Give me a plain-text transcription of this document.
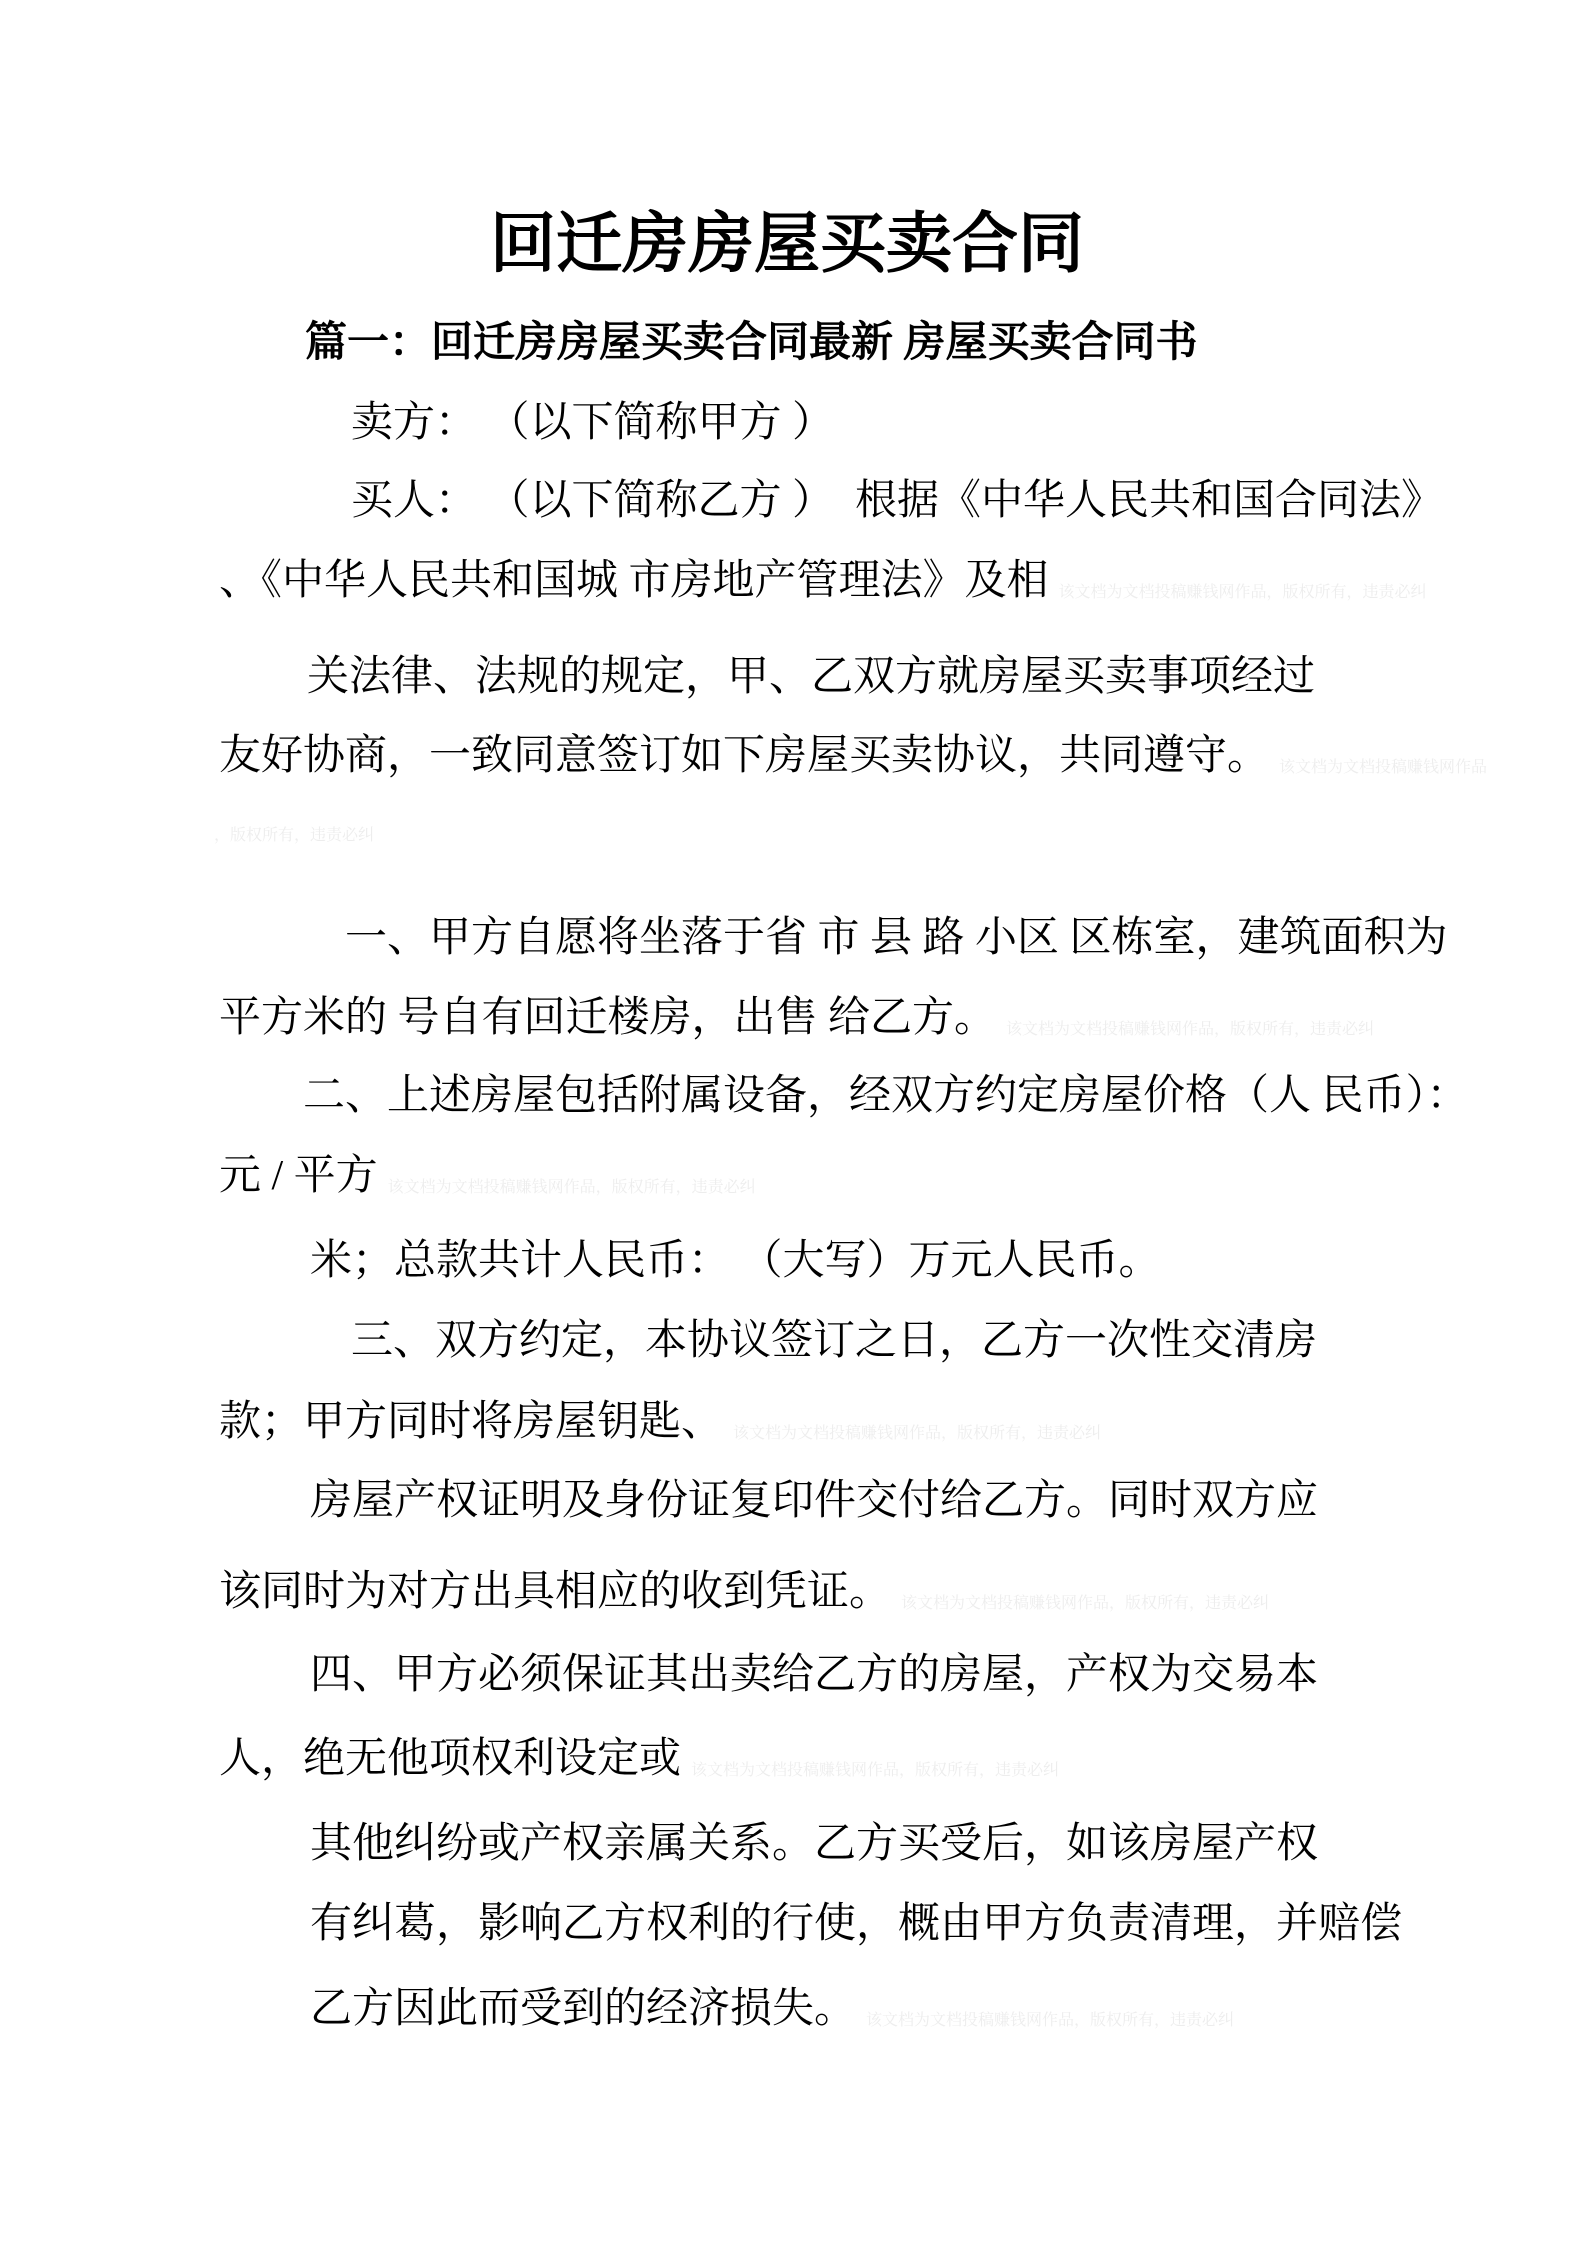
回迁房房屋买卖合同
篇一：回迁房房屋买卖合同最新 房屋买卖合同书
卖方： （以下简称甲方 ）
买人： （以下简称乙方 ）  根据《中华人民共和国合同法》
、《中华人民共和国城 市房地产管理法》及相 该文档为文档投稿赚钱网作品，版权所有，违责必纠
关法律、法规的规定，甲、乙双方就房屋买卖事项经过
友好协商，一致同意签订如下房屋买卖协议，共同遵守。 该文档为文档投稿赚钱网作品
，版权所有，违责必纠
一、甲方自愿将坐落于省 市 县 路 小区 区栋室，建筑面积为
平方米的 号自有回迁楼房，出售 给乙方。 该文档为文档投稿赚钱网作品，版权所有，违责必纠
二、上述房屋包括附属设备，经双方约定房屋价格（人 民币）：
元 / 平方 该文档为文档投稿赚钱网作品，版权所有，违责必纠
米；总款共计人民币： （大写）万元人民币。
三、双方约定，本协议签订之日，乙方一次性交清房
款；甲方同时将房屋钥匙、 该文档为文档投稿赚钱网作品，版权所有，违责必纠
房屋产权证明及身份证复印件交付给乙方。同时双方应
该同时为对方出具相应的收到凭证。 该文档为文档投稿赚钱网作品，版权所有，违责必纠
四、甲方必须保证其出卖给乙方的房屋，产权为交易本
人，绝无他项权利设定或 该文档为文档投稿赚钱网作品，版权所有，违责必纠
其他纠纷或产权亲属关系。乙方买受后，如该房屋产权
有纠葛，影响乙方权利的行使，概由甲方负责清理，并赔偿
乙方因此而受到的经济损失。 该文档为文档投稿赚钱网作品，版权所有，违责必纠
